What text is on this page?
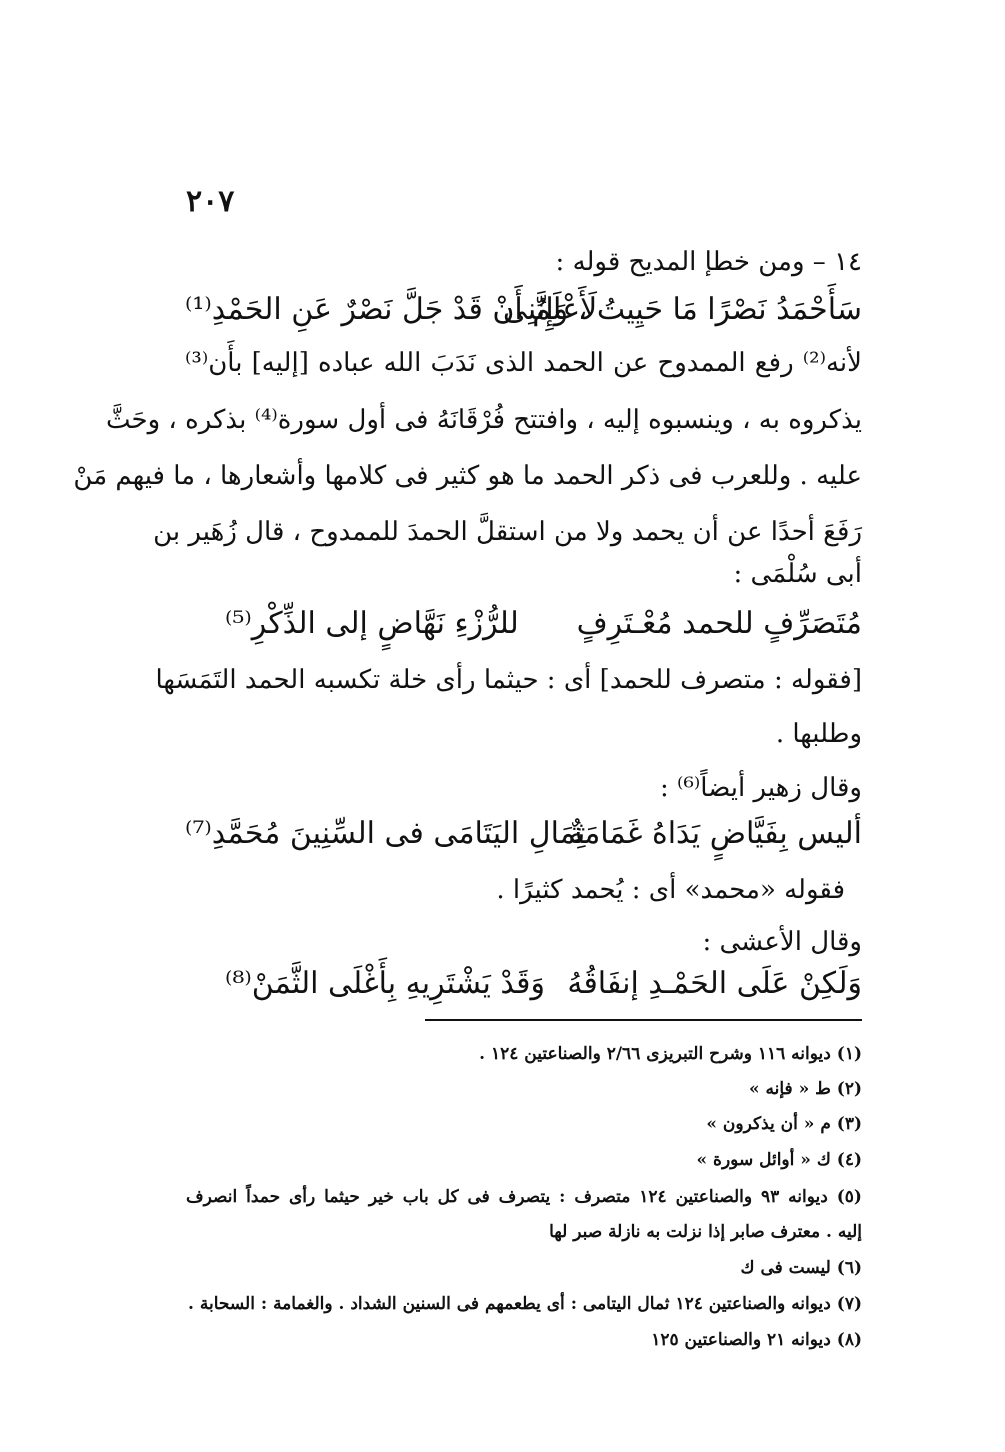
٢٠٧
١٤ – ومن خطإ المديح قوله :
سَأَحْمَدُ نَصْرًا مَا حَيِيتُ ، وَإِنَّنِى
لَأَعْلَمُ أَنْ قَدْ جَلَّ نَصْرٌ عَنِ الحَمْدِ⁽¹⁾
لأنه⁽²⁾ رفع الممدوح عن الحمد الذى نَدَبَ الله عباده [إليه] بأَن⁽³⁾
يذكروه به ، وينسبوه إليه ، وافتتح فُرْقَانَهُ فى أول سورة⁽⁴⁾ بذكره ، وحَثَّ
عليه . وللعرب فى ذكر الحمد ما هو كثير فى كلامها وأشعارها ، ما فيهم مَنْ
رَفَعَ أحدًا عن أن يحمد ولا من استقلَّ الحمدَ للممدوح ، قال زُهَير بن
أبى سُلْمَى :
مُتَصَرِّفٍ للحمد مُعْـتَرِفٍ
للرُّزْءِ نَهَّاضٍ إلى الذِّكْرِ⁽⁵⁾
[فقوله : متصرف للحمد] أى : حيثما رأى خلة تكسبه الحمد التَمَسَها
وطلبها .
وقال زهير أيضاً⁽⁶⁾ :
أليس بِفَيَّاضٍ يَدَاهُ غَمَامَةٌ
ثِمَالِ اليَتَامَى فى السِّنِينَ مُحَمَّدِ⁽⁷⁾
فقوله «محمد» أى : يُحمد كثيرًا .
وقال الأعشى :
وَلَكِنْ عَلَى الحَمْـدِ إنفَاقُهُ
وَقَدْ يَشْتَرِيهِ بِأَغْلَى الثَّمَنْ⁽⁸⁾
(١) ديوانه ١١٦ وشرح التبريزى ٢/٦٦ والصناعتين ١٢٤ .
(٢) ط « فإنه »
(٣) م « أن يذكرون »
(٤) ك « أوائل سورة »
(٥) ديوانه ٩٣ والصناعتين ١٢٤ متصرف : يتصرف فى كل باب خير حيثما رأى حمداً انصرف
إليه . معترف صابر إذا نزلت به نازلة صبر لها
(٦) ليست فى ك
(٧) ديوانه والصناعتين ١٢٤ ثمال اليتامى : أى يطعمهم فى السنين الشداد . والغمامة : السحابة .
(٨) ديوانه ٢١ والصناعتين ١٢٥
